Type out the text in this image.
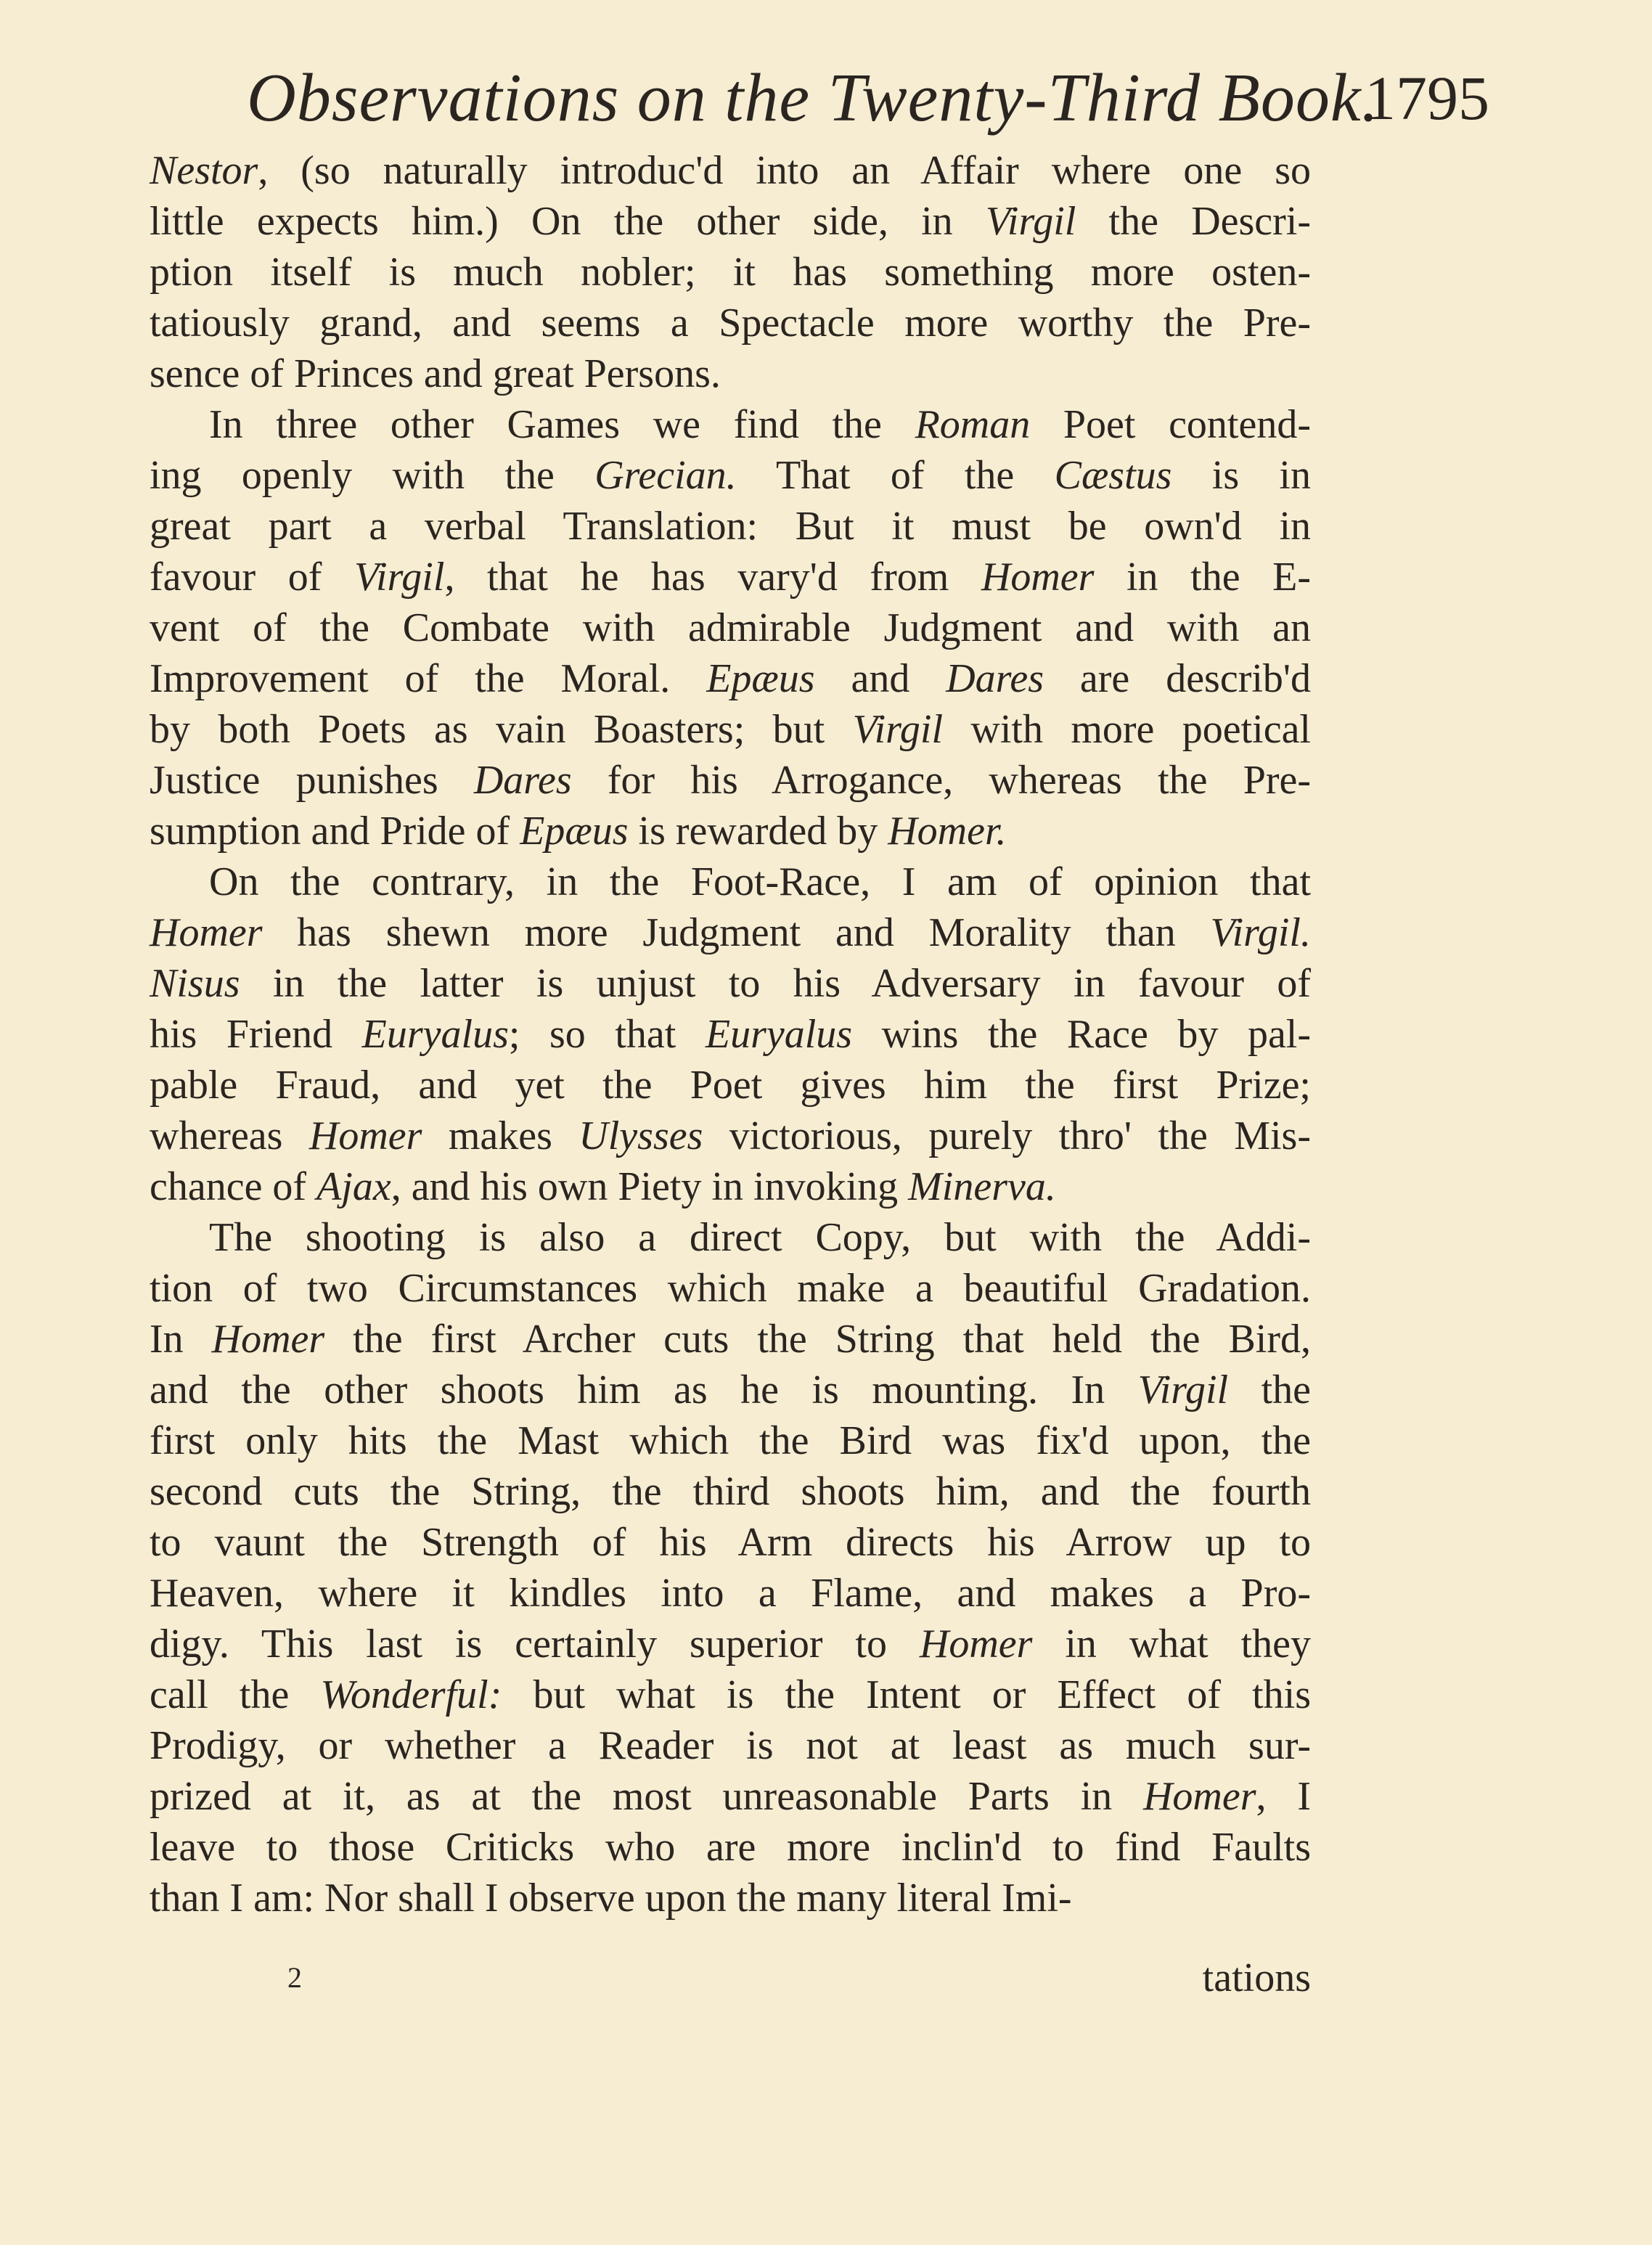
Observations on the Twenty-Third Book.
1795
Nestor, (so naturally introduc'd into an Affair where one so
little expects him.) On the other side, in Virgil the Descri-
ption itself is much nobler; it has something more osten-
tatiously grand, and seems a Spectacle more worthy the Pre-
sence of Princes and great Persons.
In three other Games we find the Roman Poet contend-
ing openly with the Grecian. That of the Cæstus is in
great part a verbal Translation: But it must be own'd in
favour of Virgil, that he has vary'd from Homer in the E-
vent of the Combate with admirable Judgment and with an
Improvement of the Moral. Epæus and Dares are describ'd
by both Poets as vain Boasters; but Virgil with more poetical
Justice punishes Dares for his Arrogance, whereas the Pre-
sumption and Pride of Epæus is rewarded by Homer.
On the contrary, in the Foot-Race, I am of opinion that
Homer has shewn more Judgment and Morality than Virgil.
Nisus in the latter is unjust to his Adversary in favour of
his Friend Euryalus; so that Euryalus wins the Race by pal-
pable Fraud, and yet the Poet gives him the first Prize;
whereas Homer makes Ulysses victorious, purely thro' the Mis-
chance of Ajax, and his own Piety in invoking Minerva.
The shooting is also a direct Copy, but with the Addi-
tion of two Circumstances which make a beautiful Gradation.
In Homer the first Archer cuts the String that held the Bird,
and the other shoots him as he is mounting. In Virgil the
first only hits the Mast which the Bird was fix'd upon, the
second cuts the String, the third shoots him, and the fourth
to vaunt the Strength of his Arm directs his Arrow up to
Heaven, where it kindles into a Flame, and makes a Pro-
digy. This last is certainly superior to Homer in what they
call the Wonderful: but what is the Intent or Effect of this
Prodigy, or whether a Reader is not at least as much sur-
prized at it, as at the most unreasonable Parts in Homer, I
leave to those Criticks who are more inclin'd to find Faults
than I am: Nor shall I observe upon the many literal Imi-
2	tations
